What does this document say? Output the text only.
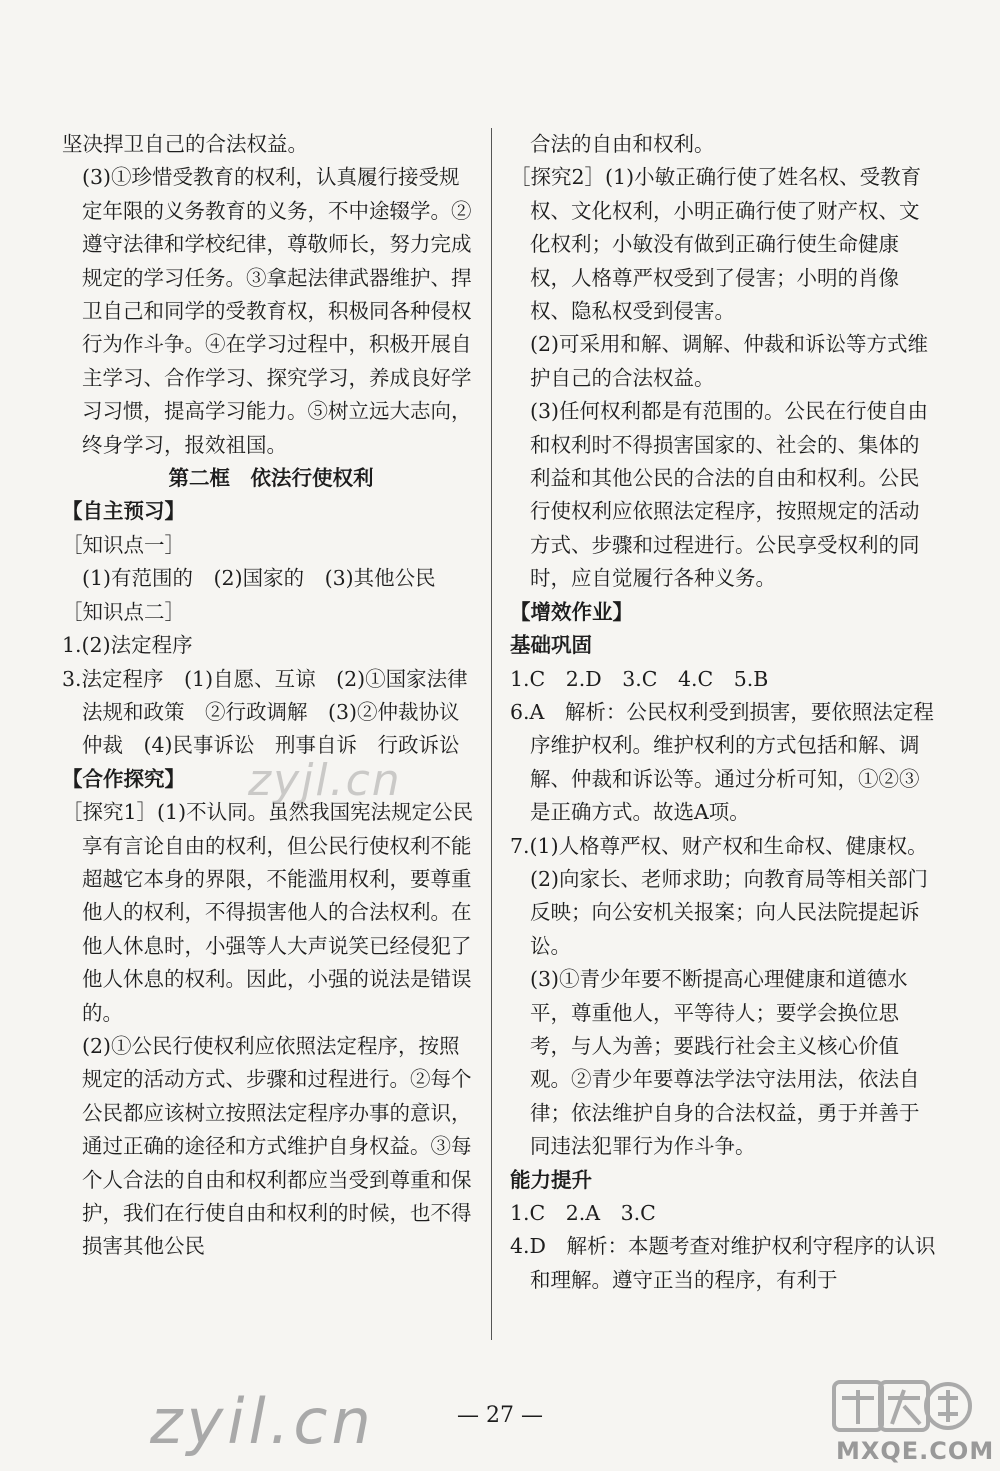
坚决捍卫自己的合法权益。
(3)①珍惜受教育的权利，认真履行接受规定年限的义务教育的义务，不中途辍学。②遵守法律和学校纪律，尊敬师长，努力完成规定的学习任务。③拿起法律武器维护、捍卫自己和同学的受教育权，积极同各种侵权行为作斗争。④在学习过程中，积极开展自主学习、合作学习、探究学习，养成良好学习习惯，提高学习能力。⑤树立远大志向，终身学习，报效祖国。
第二框　依法行使权利
【自主预习】
［知识点一］
(1)有范围的　(2)国家的　(3)其他公民
［知识点二］
1.(2)法定程序
3.法定程序　(1)自愿、互谅　(2)①国家法律法规和政策　②行政调解　(3)②仲裁协议　仲裁　(4)民事诉讼　刑事自诉　行政诉讼
【合作探究】
［探究1］(1)不认同。虽然我国宪法规定公民享有言论自由的权利，但公民行使权利不能超越它本身的界限，不能滥用权利，要尊重他人的权利，不得损害他人的合法权利。在他人休息时，小强等人大声说笑已经侵犯了他人休息的权利。因此，小强的说法是错误的。
(2)①公民行使权利应依照法定程序，按照规定的活动方式、步骤和过程进行。②每个公民都应该树立按照法定程序办事的意识，通过正确的途径和方式维护自身权益。③每个人合法的自由和权利都应当受到尊重和保护，我们在行使自由和权利的时候，也不得损害其他公民
合法的自由和权利。
［探究2］(1)小敏正确行使了姓名权、受教育权、文化权利，小明正确行使了财产权、文化权利；小敏没有做到正确行使生命健康权，人格尊严权受到了侵害；小明的肖像权、隐私权受到侵害。
(2)可采用和解、调解、仲裁和诉讼等方式维护自己的合法权益。
(3)任何权利都是有范围的。公民在行使自由和权利时不得损害国家的、社会的、集体的利益和其他公民的合法的自由和权利。公民行使权利应依照法定程序，按照规定的活动方式、步骤和过程进行。公民享受权利的同时，应自觉履行各种义务。
【增效作业】
基础巩固
1.C　2.D　3.C　4.C　5.B
6.A　解析：公民权利受到损害，要依照法定程序维护权利。维护权利的方式包括和解、调解、仲裁和诉讼等。通过分析可知，①②③是正确方式。故选A项。
7.(1)人格尊严权、财产权和生命权、健康权。
(2)向家长、老师求助；向教育局等相关部门反映；向公安机关报案；向人民法院提起诉讼。
(3)①青少年要不断提高心理健康和道德水平，尊重他人，平等待人；要学会换位思考，与人为善；要践行社会主义核心价值观。②青少年要尊法学法守法用法，依法自律；依法维护自身的合法权益，勇于并善于同违法犯罪行为作斗争。
能力提升
1.C　2.A　3.C
4.D　解析：本题考查对维护权利守程序的认识和理解。遵守正当的程序，有利于
— 27 —
zyjl.cn
zyil.cn	MXQE.COM
